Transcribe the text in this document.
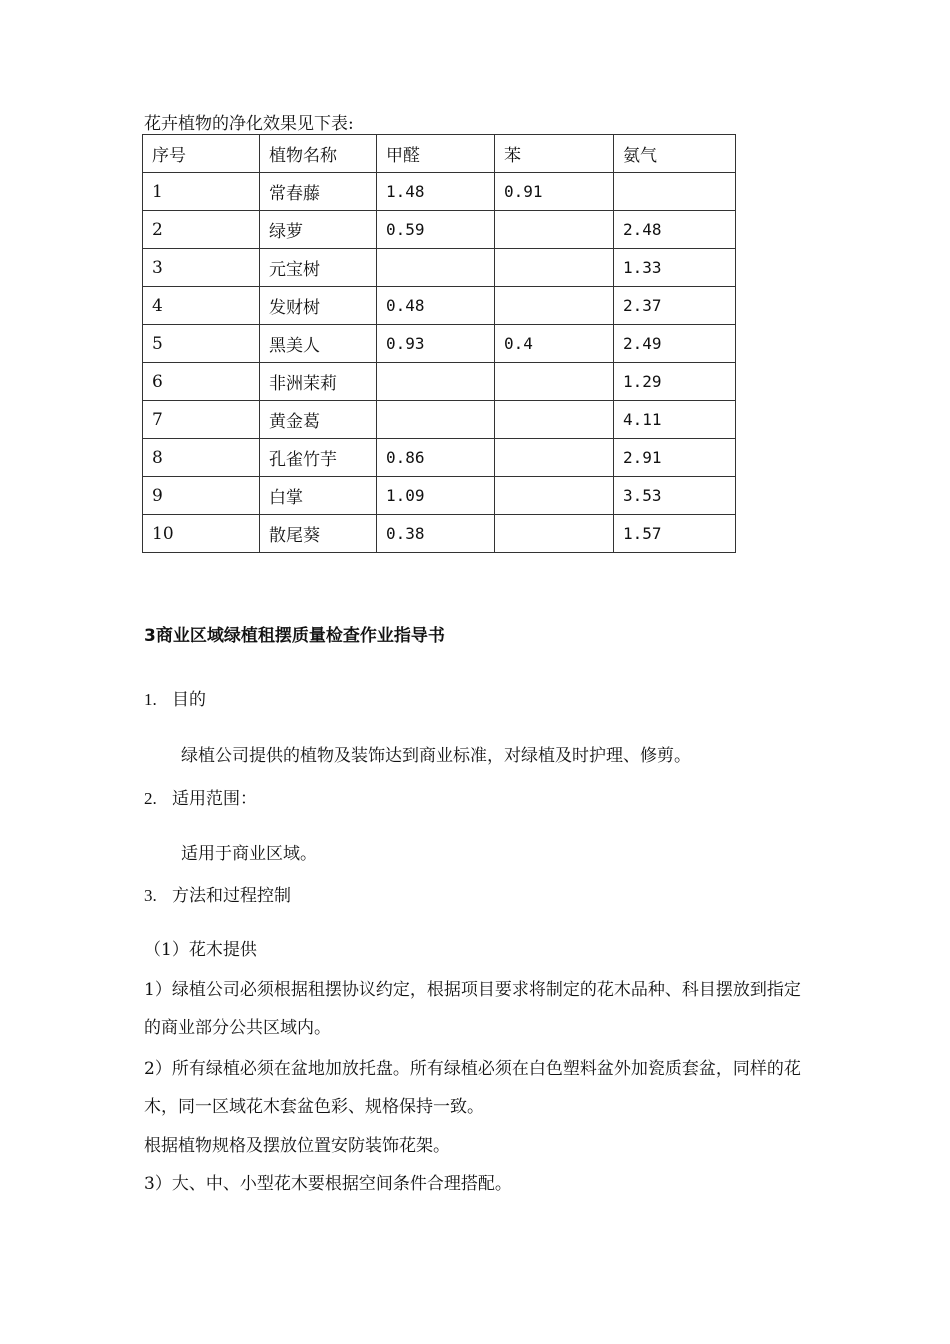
花卉植物的净化效果见下表:
序号	植物名称	甲醛	苯	氨气
1	常春藤	1.48	0.91	
2	绿萝	0.59		2.48
3	元宝树			1.33
4	发财树	0.48		2.37
5	黑美人	0.93	0.4	2.49
6	非洲茉莉			1.29
7	黄金葛			4.11
8	孔雀竹芋	0.86		2.91
9	白掌	1.09		3.53
10	散尾葵	0.38		1.57
3商业区域绿植租摆质量检查作业指导书
1. 目的
绿植公司提供的植物及装饰达到商业标准，对绿植及时护理、修剪。
2. 适用范围：
适用于商业区域。
3. 方法和过程控制
（1）花木提供
1）绿植公司必须根据租摆协议约定，根据项目要求将制定的花木品种、科目摆放到指定的商业部分公共区域内。
2）所有绿植必须在盆地加放托盘。所有绿植必须在白色塑料盆外加瓷质套盆，同样的花木，同一区域花木套盆色彩、规格保持一致。
根据植物规格及摆放位置安防装饰花架。
3）大、中、小型花木要根据空间条件合理搭配。
